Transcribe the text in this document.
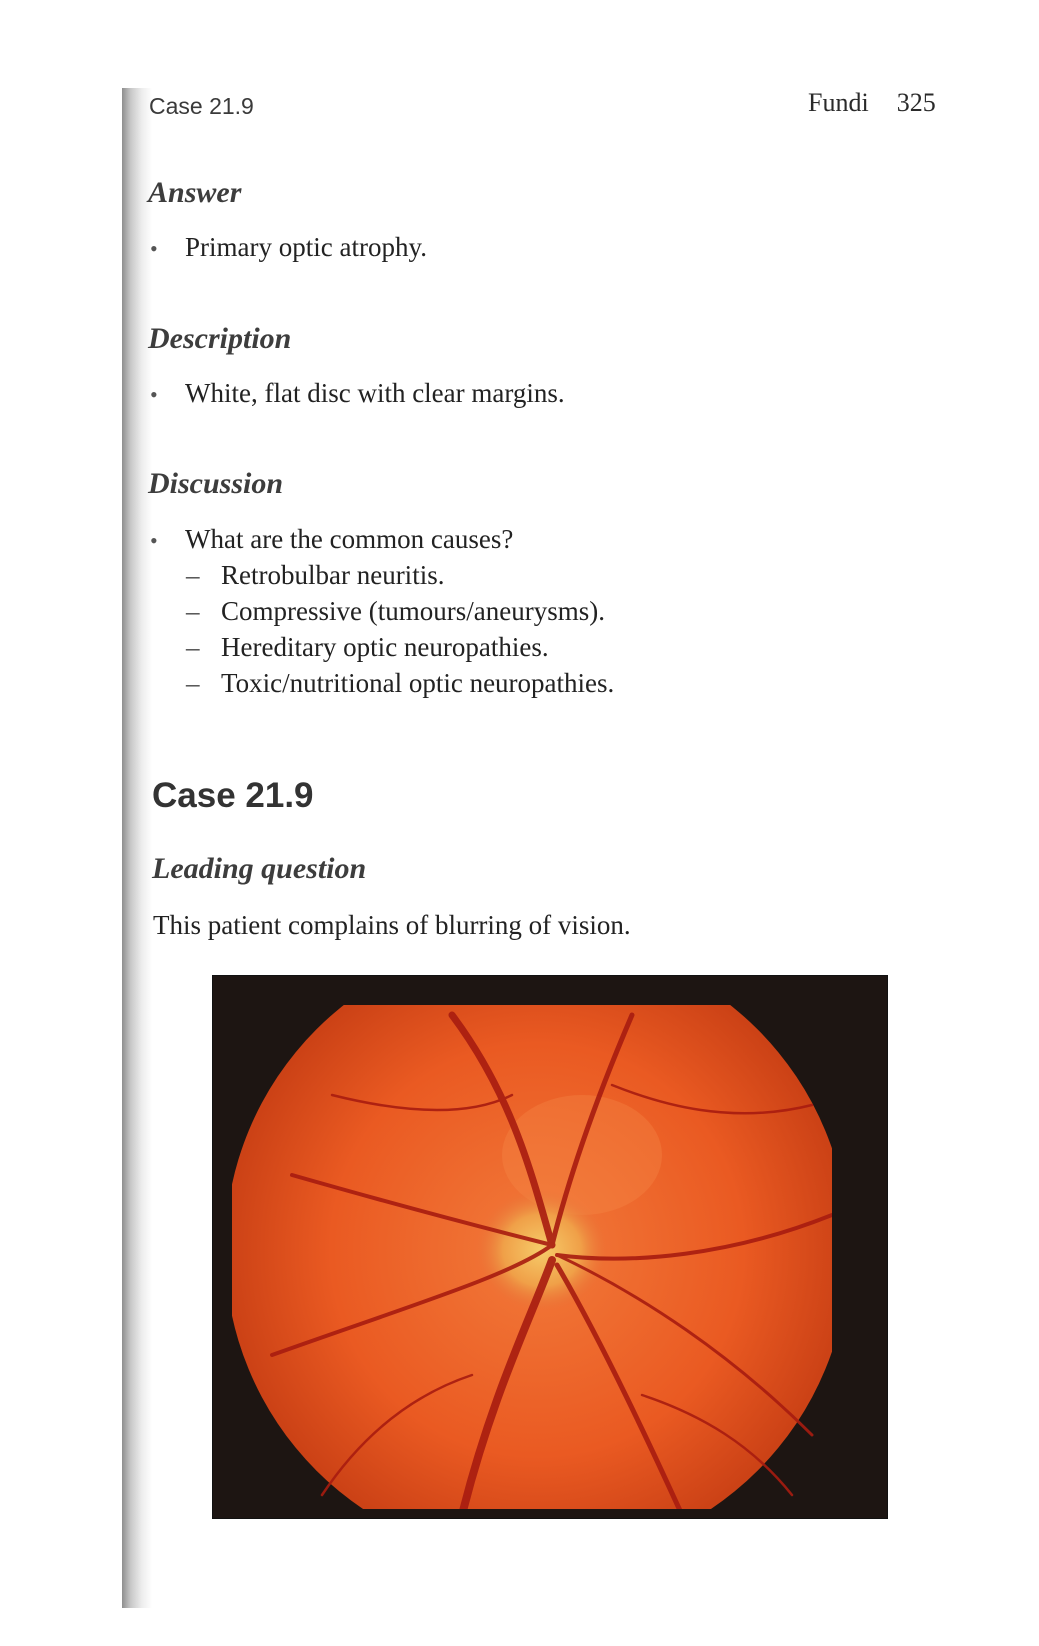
Case 21.9	Fundi 325
Answer
• Primary optic atrophy.
Description
• White, flat disc with clear margins.
Discussion
• What are the common causes?
– Retrobulbar neuritis.
– Compressive (tumours/aneurysms).
– Hereditary optic neuropathies.
– Toxic/nutritional optic neuropathies.
Case 21.9
Leading question
This patient complains of blurring of vision.
